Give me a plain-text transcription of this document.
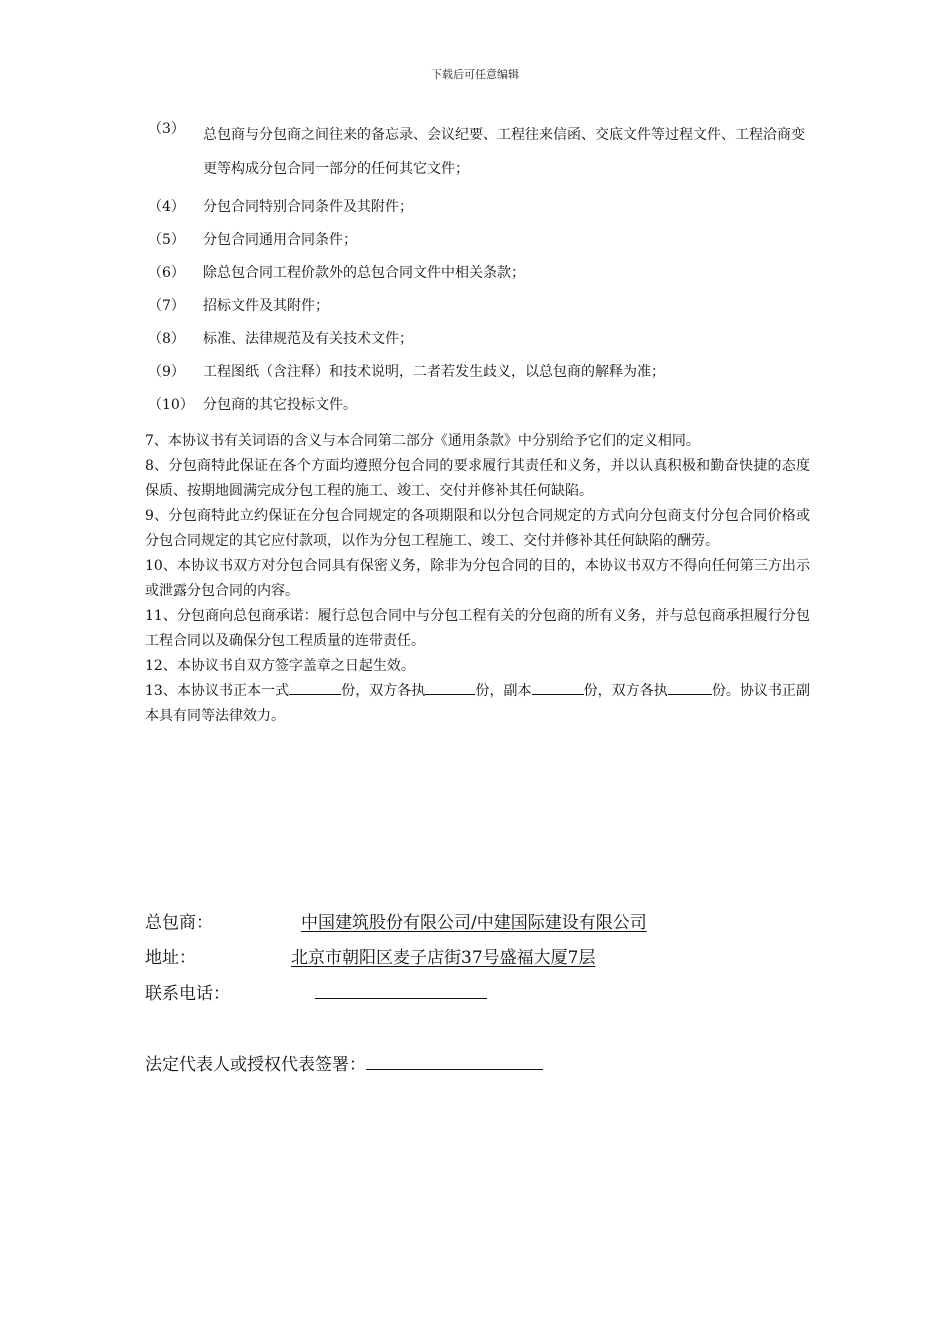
下载后可任意编辑
（3） 总包商与分包商之间往来的备忘录、会议纪要、工程往来信函、交底文件等过程文件、工程洽商变更等构成分包合同一部分的任何其它文件；
（4） 分包合同特别合同条件及其附件；
（5） 分包合同通用合同条件；
（6） 除总包合同工程价款外的总包合同文件中相关条款；
（7） 招标文件及其附件；
（8） 标准、法律规范及有关技术文件；
（9） 工程图纸（含注释）和技术说明，二者若发生歧义，以总包商的解释为准；
（10） 分包商的其它投标文件。

7、本协议书有关词语的含义与本合同第二部分《通用条款》中分别给予它们的定义相同。

8、分包商特此保证在各个方面均遵照分包合同的要求履行其责任和义务，并以认真积极和勤奋快捷的态度保质、按期地圆满完成分包工程的施工、竣工、交付并修补其任何缺陷。

9、分包商特此立约保证在分包合同规定的各项期限和以分包合同规定的方式向分包商支付分包合同价格或分包合同规定的其它应付款项，以作为分包工程施工、竣工、交付并修补其任何缺陷的酬劳。

10、本协议书双方对分包合同具有保密义务，除非为分包合同的目的，本协议书双方不得向任何第三方出示或泄露分包合同的内容。

11、分包商向总包商承诺：履行总包合同中与分包工程有关的分包商的所有义务，并与总包商承担履行分包工程合同以及确保分包工程质量的连带责任。

12、本协议书自双方签字盖章之日起生效。

13、本协议书正本一式	份，双方各执	份，副本	份，双方各执	份。协议书正副本具有同等法律效力。

总包商：	中国建筑股份有限公司/中建国际建设有限公司
地址：	北京市朝阳区麦子店街37号盛福大厦7层
联系电话：
法定代表人或授权代表签署：
